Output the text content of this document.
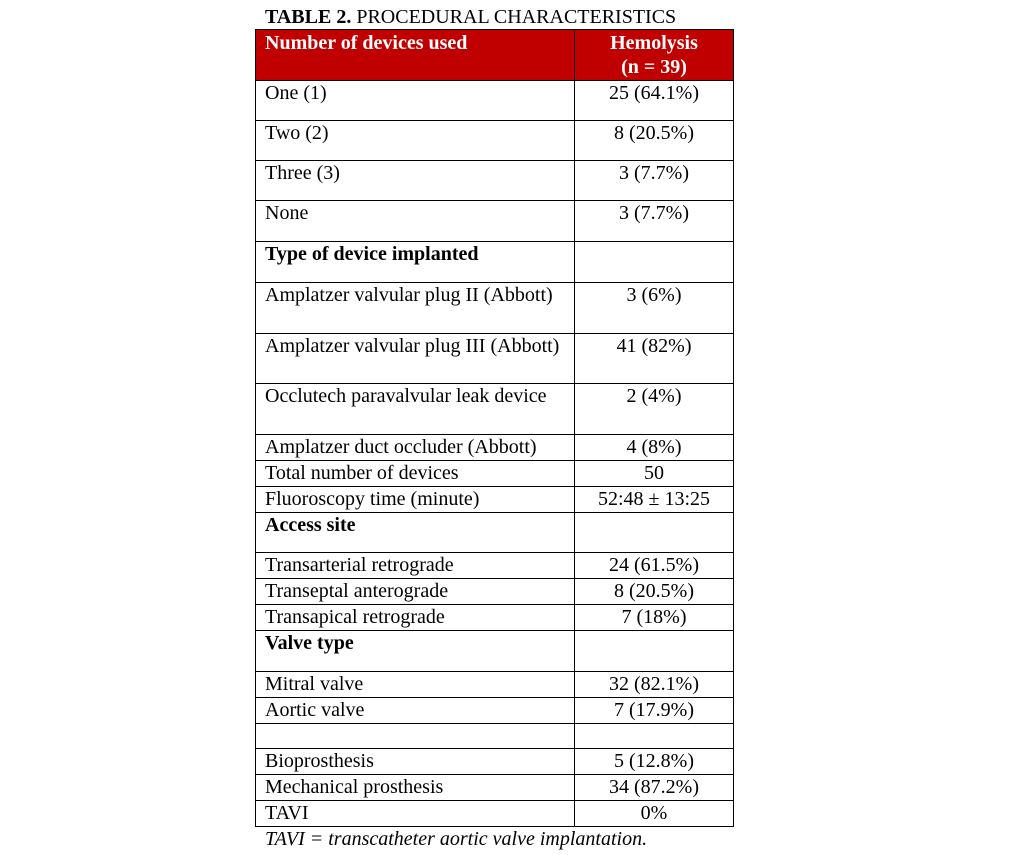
TABLE 2. PROCEDURAL CHARACTERISTICS
Number of devices used	Hemolysis
(n = 39)
One (1)	25 (64.1%)
Two (2)	8 (20.5%)
Three (3)	3 (7.7%)
None	3 (7.7%)
Type of device implanted	
Amplatzer valvular plug II (Abbott)	3 (6%)
Amplatzer valvular plug III (Abbott)	41 (82%)
Occlutech paravalvular leak device	2 (4%)
Amplatzer duct occluder (Abbott)	4 (8%)
Total number of devices	50
Fluoroscopy time (minute)	52:48 ± 13:25
Access site	
Transarterial retrograde	24 (61.5%)
Transeptal anterograde	8 (20.5%)
Transapical retrograde	7 (18%)
Valve type	
Mitral valve	32 (82.1%)
Aortic valve	7 (17.9%)

Bioprosthesis	5 (12.8%)
Mechanical prosthesis	34 (87.2%)
TAVI	0%
TAVI = transcatheter aortic valve implantation.
